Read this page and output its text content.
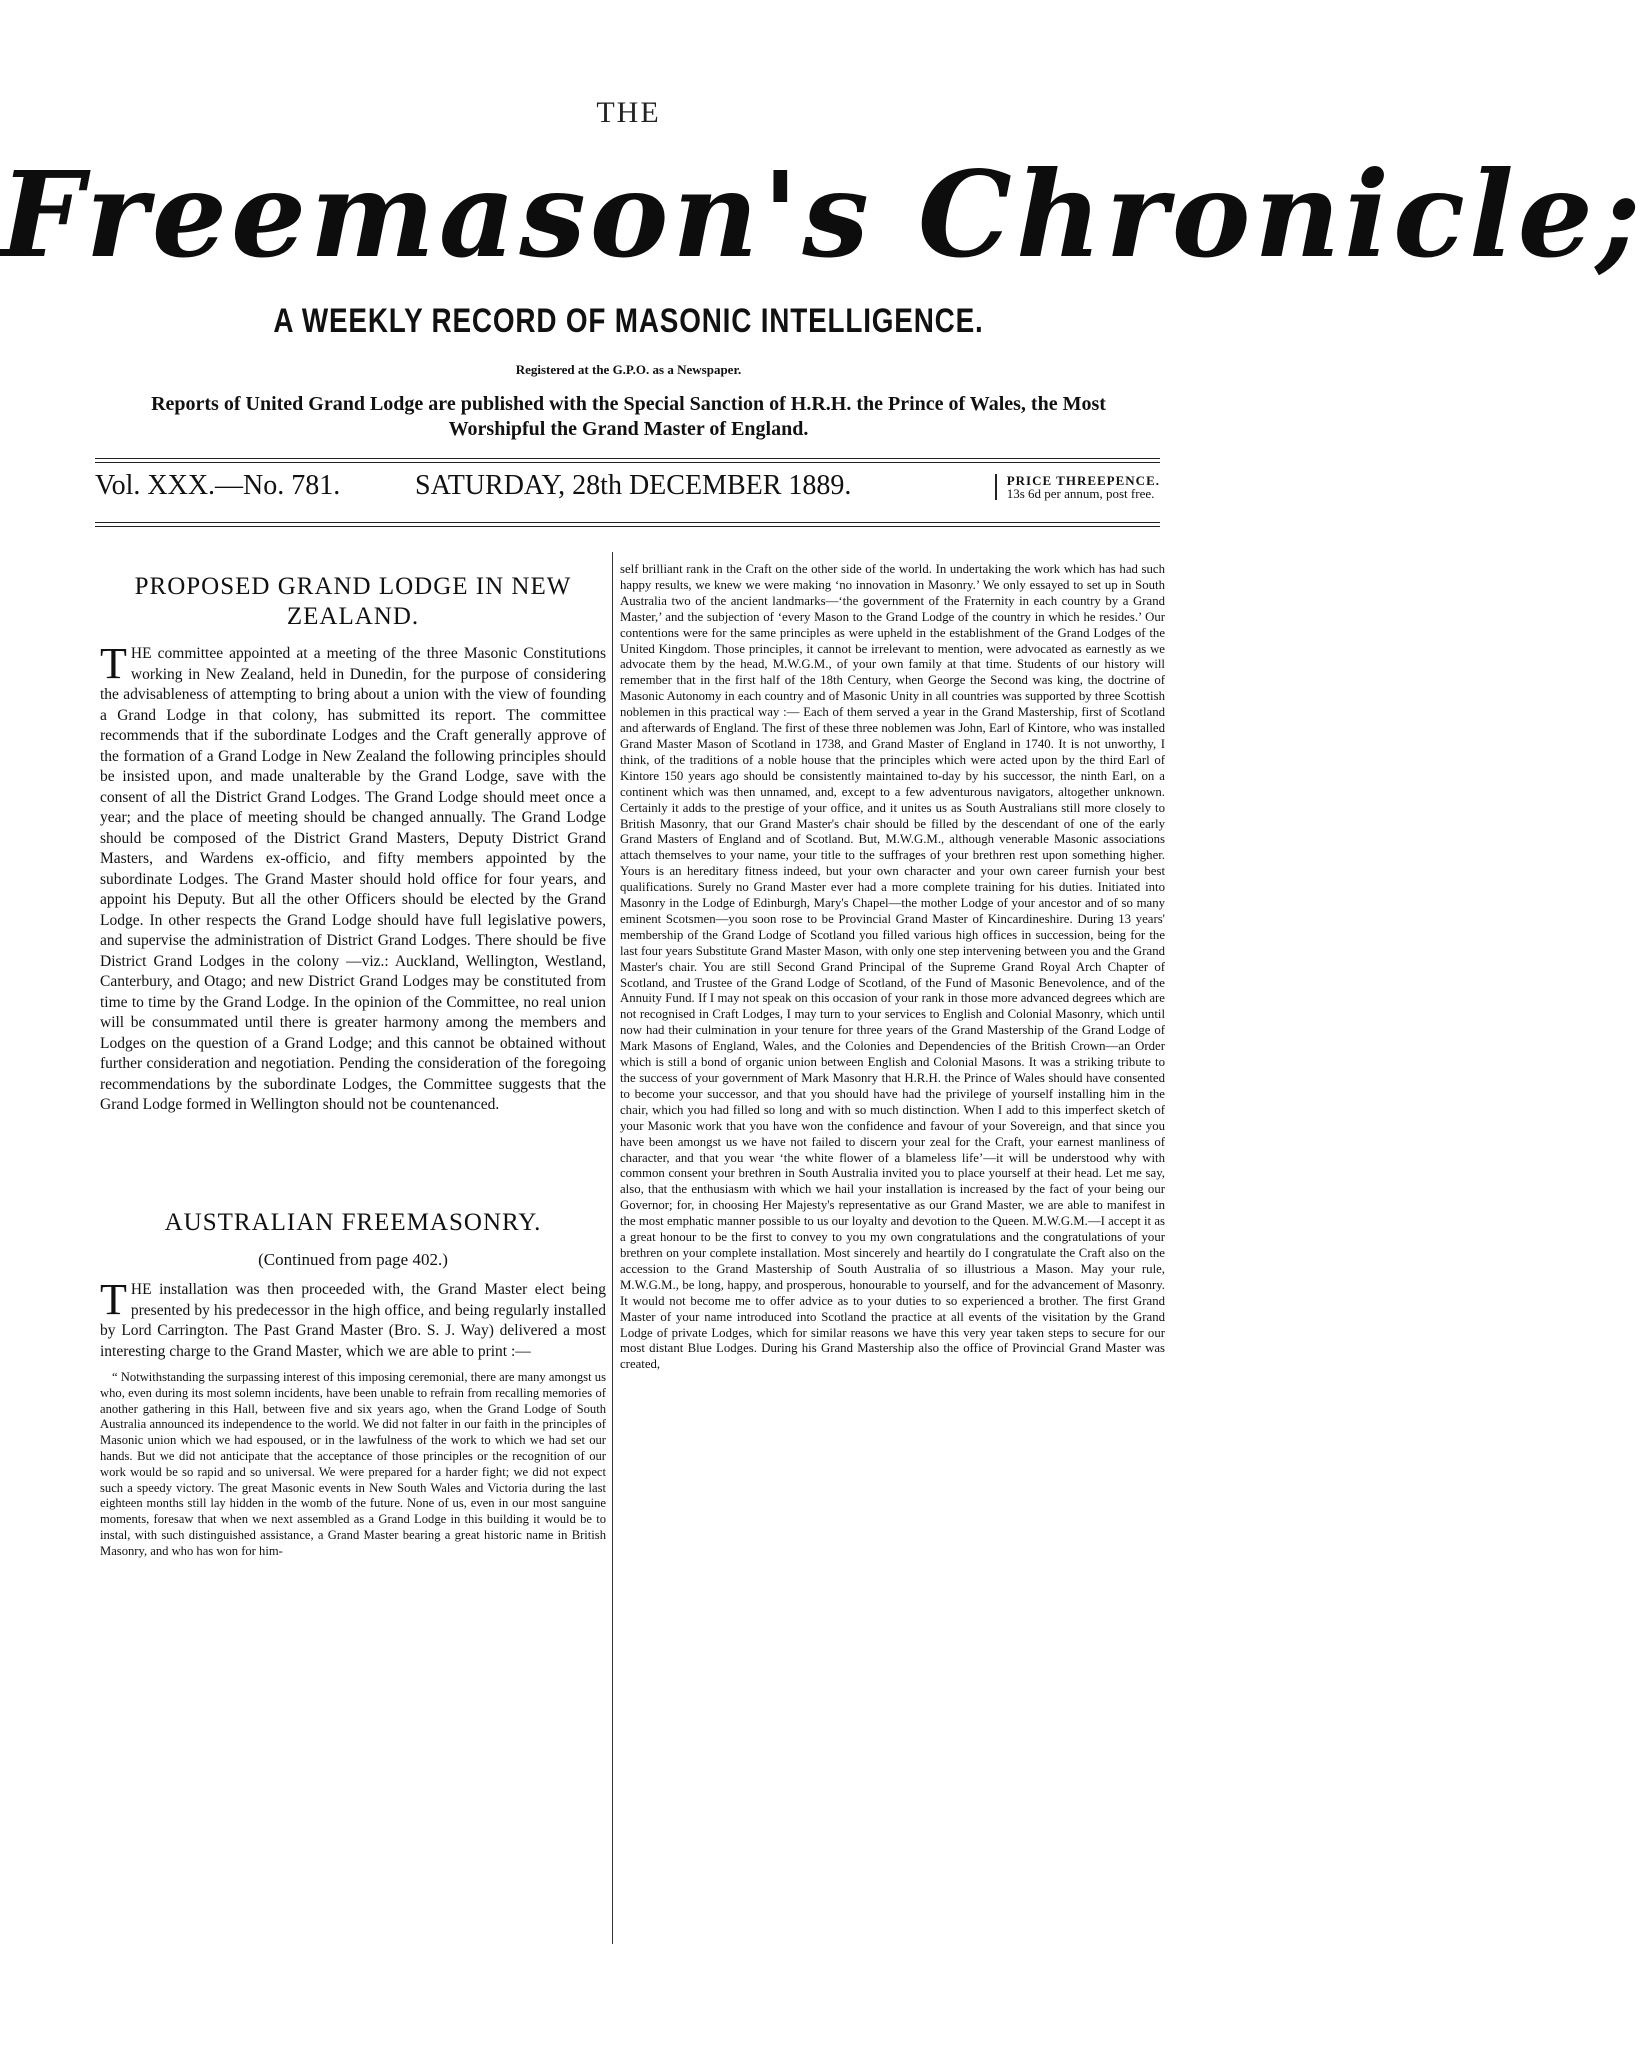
THE
Freemason's Chronicle;
A WEEKLY RECORD OF MASONIC INTELLIGENCE.
Registered at the G.P.O. as a Newspaper.
Reports of United Grand Lodge are published with the Special Sanction of H.R.H. the Prince of Wales, the Most Worshipful the Grand Master of England.
Vol. XXX.—No. 781.	SATURDAY, 28th DECEMBER 1889.	PRICE THREEPENCE.
13s 6d per annum, post free.
PROPOSED GRAND LODGE IN NEW ZEALAND.

THE committee appointed at a meeting of the three Masonic Constitutions working in New Zealand, held in Dunedin, for the purpose of considering the advisableness of attempting to bring about a union with the view of founding a Grand Lodge in that colony, has submitted its report. The committee recommends that if the subordinate Lodges and the Craft generally approve of the formation of a Grand Lodge in New Zealand the following principles should be insisted upon, and made unalterable by the Grand Lodge, save with the consent of all the District Grand Lodges. The Grand Lodge should meet once a year; and the place of meeting should be changed annually. The Grand Lodge should be composed of the District Grand Masters, Deputy District Grand Masters, and Wardens ex-officio, and fifty members appointed by the subordinate Lodges. The Grand Master should hold office for four years, and appoint his Deputy. But all the other Officers should be elected by the Grand Lodge. In other respects the Grand Lodge should have full legislative powers, and supervise the administration of District Grand Lodges. There should be five District Grand Lodges in the colony —viz.: Auckland, Wellington, Westland, Canterbury, and Otago; and new District Grand Lodges may be constituted from time to time by the Grand Lodge. In the opinion of the Committee, no real union will be consummated until there is greater harmony among the members and Lodges on the question of a Grand Lodge; and this cannot be obtained without further consideration and negotiation. Pending the consideration of the foregoing recommendations by the subordinate Lodges, the Committee suggests that the Grand Lodge formed in Wellington should not be countenanced.

AUSTRALIAN FREEMASONRY.
(Continued from page 402.)

THE installation was then proceeded with, the Grand Master elect being presented by his predecessor in the high office, and being regularly installed by Lord Carrington. The Past Grand Master (Bro. S. J. Way) delivered a most interesting charge to the Grand Master, which we are able to print :—

“ Notwithstanding the surpassing interest of this imposing ceremonial, there are many amongst us who, even during its most solemn incidents, have been unable to refrain from recalling memories of another gathering in this Hall, between five and six years ago, when the Grand Lodge of South Australia announced its independence to the world. We did not falter in our faith in the principles of Masonic union which we had espoused, or in the lawfulness of the work to which we had set our hands. But we did not anticipate that the acceptance of those principles or the recognition of our work would be so rapid and so universal. We were prepared for a harder fight; we did not expect such a speedy victory. The great Masonic events in New South Wales and Victoria during the last eighteen months still lay hidden in the womb of the future. None of us, even in our most sanguine moments, foresaw that when we next assembled as a Grand Lodge in this building it would be to instal, with such distinguished assistance, a Grand Master bearing a great historic name in British Masonry, and who has won for him-

self brilliant rank in the Craft on the other side of the world. In undertaking the work which has had such happy results, we knew we were making ‘no innovation in Masonry.’ We only essayed to set up in South Australia two of the ancient landmarks—‘the government of the Fraternity in each country by a Grand Master,’ and the subjection of ‘every Mason to the Grand Lodge of the country in which he resides.’ Our contentions were for the same principles as were upheld in the establishment of the Grand Lodges of the United Kingdom. Those principles, it cannot be irrelevant to mention, were advocated as earnestly as we advocate them by the head, M.W.G.M., of your own family at that time. Students of our history will remember that in the first half of the 18th Century, when George the Second was king, the doctrine of Masonic Autonomy in each country and of Masonic Unity in all countries was supported by three Scottish noblemen in this practical way :— Each of them served a year in the Grand Mastership, first of Scotland and afterwards of England. The first of these three noblemen was John, Earl of Kintore, who was installed Grand Master Mason of Scotland in 1738, and Grand Master of England in 1740. It is not unworthy, I think, of the traditions of a noble house that the principles which were acted upon by the third Earl of Kintore 150 years ago should be consistently maintained to-day by his successor, the ninth Earl, on a continent which was then unnamed, and, except to a few adventurous navigators, altogether unknown. Certainly it adds to the prestige of your office, and it unites us as South Australians still more closely to British Masonry, that our Grand Master's chair should be filled by the descendant of one of the early Grand Masters of England and of Scotland. But, M.W.G.M., although venerable Masonic associations attach themselves to your name, your title to the suffrages of your brethren rest upon something higher. Yours is an hereditary fitness indeed, but your own character and your own career furnish your best qualifications. Surely no Grand Master ever had a more complete training for his duties. Initiated into Masonry in the Lodge of Edinburgh, Mary's Chapel—the mother Lodge of your ancestor and of so many eminent Scotsmen—you soon rose to be Provincial Grand Master of Kincardineshire. During 13 years' membership of the Grand Lodge of Scotland you filled various high offices in succession, being for the last four years Substitute Grand Master Mason, with only one step intervening between you and the Grand Master's chair. You are still Second Grand Principal of the Supreme Grand Royal Arch Chapter of Scotland, and Trustee of the Grand Lodge of Scotland, of the Fund of Masonic Benevolence, and of the Annuity Fund. If I may not speak on this occasion of your rank in those more advanced degrees which are not recognised in Craft Lodges, I may turn to your services to English and Colonial Masonry, which until now had their culmination in your tenure for three years of the Grand Mastership of the Grand Lodge of Mark Masons of England, Wales, and the Colonies and Dependencies of the British Crown—an Order which is still a bond of organic union between English and Colonial Masons. It was a striking tribute to the success of your government of Mark Masonry that H.R.H. the Prince of Wales should have consented to become your successor, and that you should have had the privilege of yourself installing him in the chair, which you had filled so long and with so much distinction. When I add to this imperfect sketch of your Masonic work that you have won the confidence and favour of your Sovereign, and that since you have been amongst us we have not failed to discern your zeal for the Craft, your earnest manliness of character, and that you wear ‘the white flower of a blameless life’—it will be understood why with common consent your brethren in South Australia invited you to place yourself at their head. Let me say, also, that the enthusiasm with which we hail your installation is increased by the fact of your being our Governor; for, in choosing Her Majesty's representative as our Grand Master, we are able to manifest in the most emphatic manner possible to us our loyalty and devotion to the Queen. M.W.G.M.—I accept it as a great honour to be the first to convey to you my own congratulations and the congratulations of your brethren on your complete installation. Most sincerely and heartily do I congratulate the Craft also on the accession to the Grand Mastership of South Australia of so illustrious a Mason. May your rule, M.W.G.M., be long, happy, and prosperous, honourable to yourself, and for the advancement of Masonry. It would not become me to offer advice as to your duties to so experienced a brother. The first Grand Master of your name introduced into Scotland the practice at all events of the visitation by the Grand Lodge of private Lodges, which for similar reasons we have this very year taken steps to secure for our most distant Blue Lodges. During his Grand Mastership also the office of Provincial Grand Master was created,
